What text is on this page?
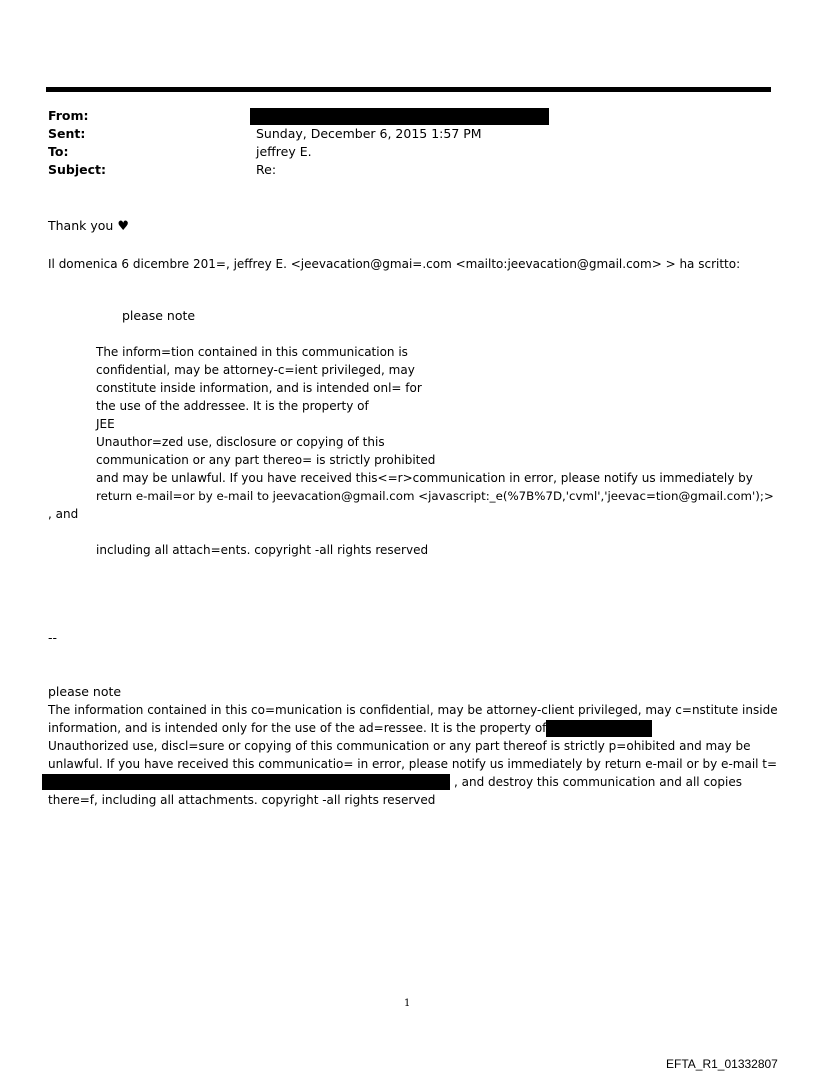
From:
Sent:	Sunday, December 6, 2015 1:57 PM
To:	jeffrey E.
Subject:	Re:
Thank you ♥
Il domenica 6 dicembre 201=, jeffrey E. <jeevacation@gmai=.com <mailto:jeevacation@gmail.com> > ha scritto:
please note
The inform=tion contained in this communication is
confidential, may be attorney-c=ient privileged, may
constitute inside information, and is intended onl= for
the use of the addressee. It is the property of
JEE
Unauthor=zed use, disclosure or copying of this
communication or any part thereo= is strictly prohibited
and may be unlawful. If you have received this<=r>communication in error, please notify us immediately by
return e-mail=or by e-mail to jeevacation@gmail.com <javascript:_e(%7B%7D,'cvml','jeevac=tion@gmail.com');>
, and
including all attach=ents. copyright -all rights reserved
--
please note
The information contained in this co=munication is confidential, may be attorney-client privileged, may c=nstitute inside
information, and is intended only for the use of the ad=ressee. It is the property of
Unauthorized use, discl=sure or copying of this communication or any part thereof is strictly p=ohibited and may be
unlawful. If you have received this communicatio= in error, please notify us immediately by return e-mail or by e-mail t=
, and destroy this communication and all copies
there=f, including all attachments. copyright -all rights reserved
1
EFTA_R1_01332807
